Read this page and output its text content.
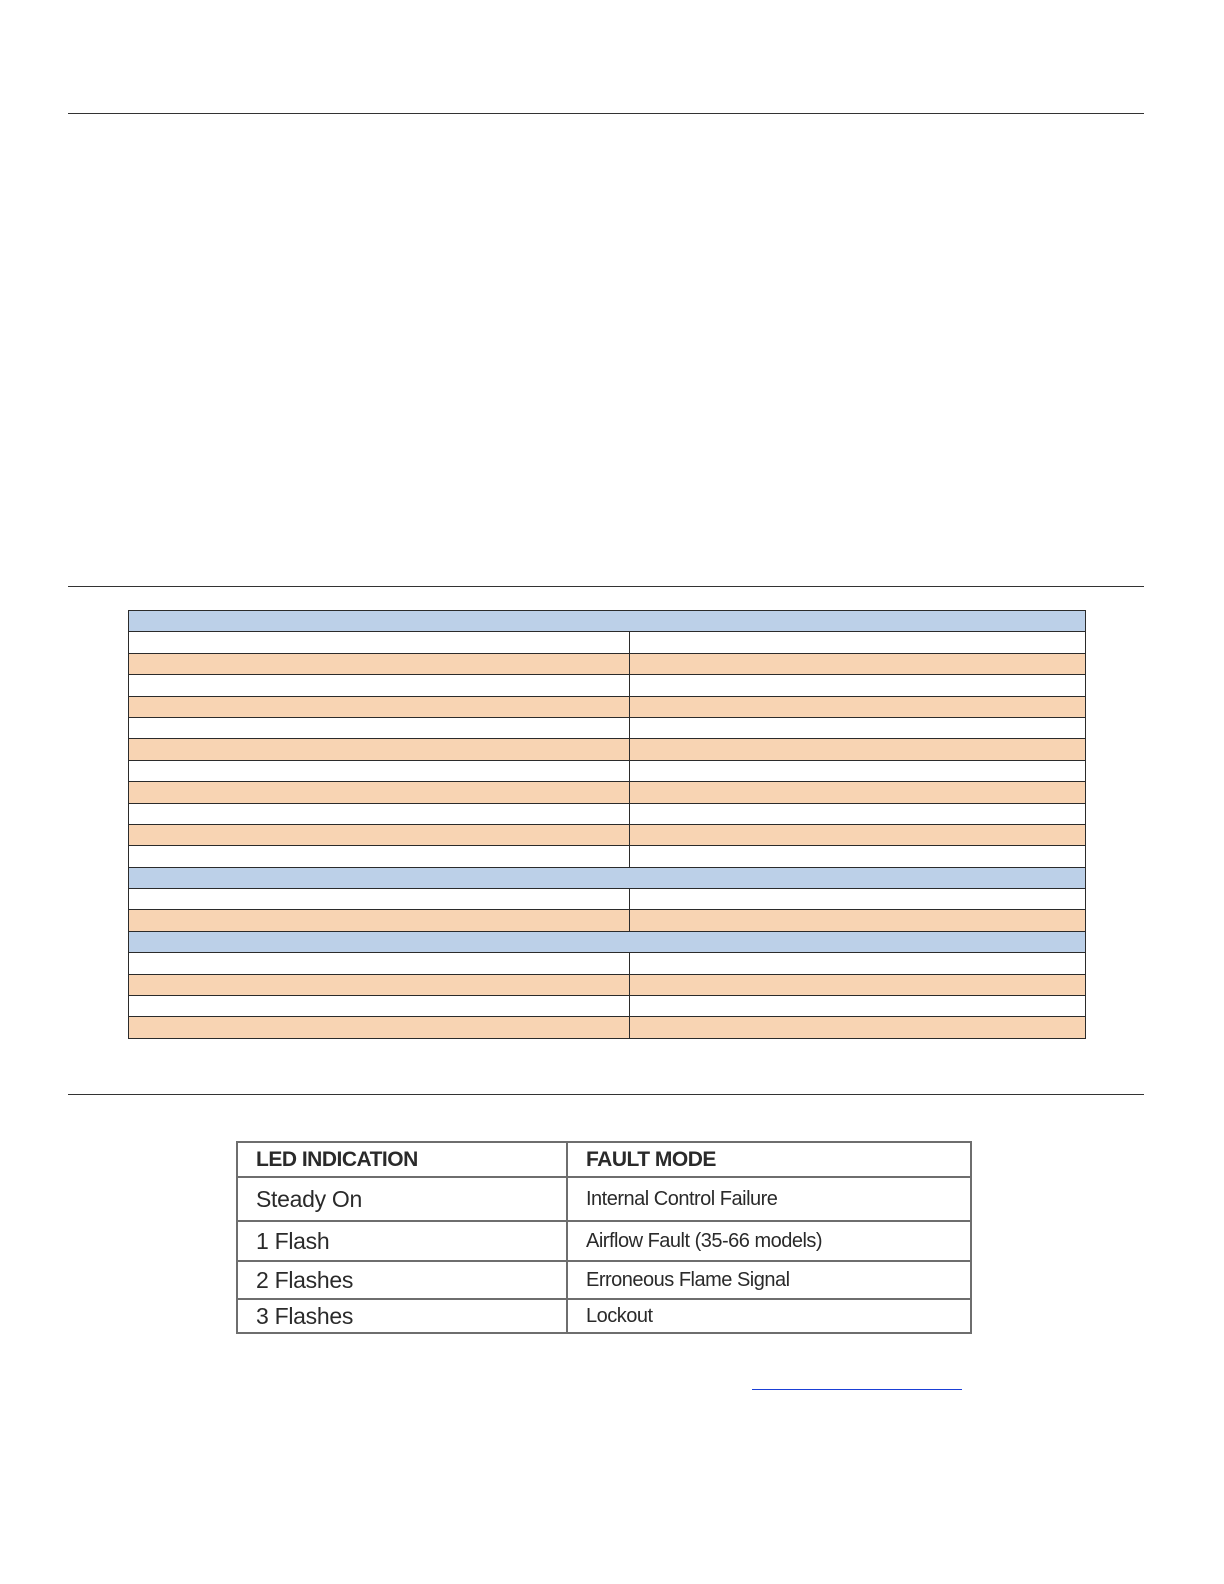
LED INDICATION	FAULT MODE
Steady On	Internal Control Failure
1 Flash	Airflow Fault (35-66 models)
2 Flashes	Erroneous Flame Signal
3 Flashes	Lockout
